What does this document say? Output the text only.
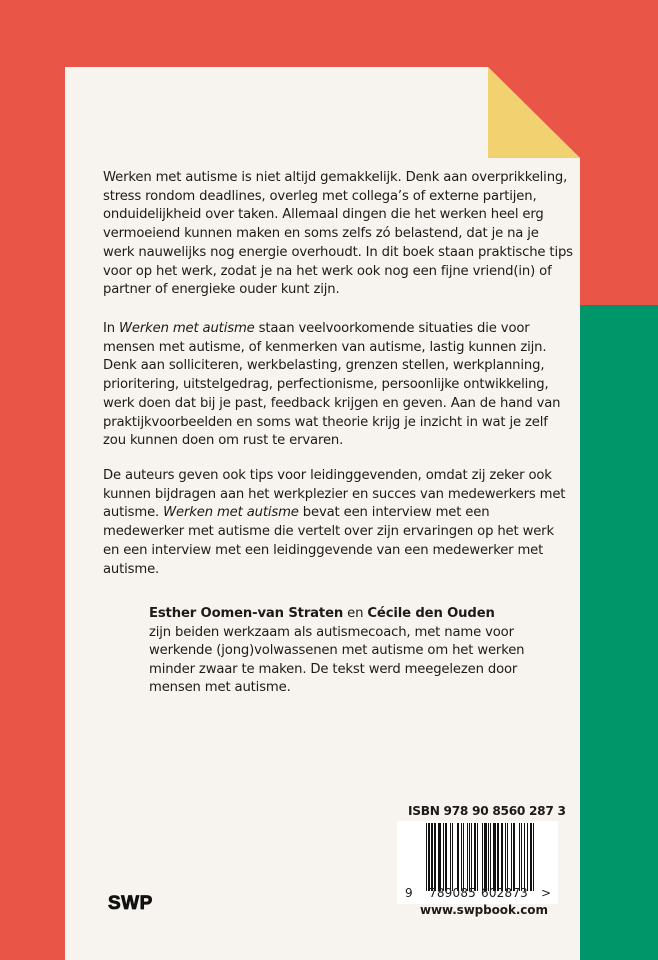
Werken met autisme is niet altijd gemakkelijk. Denk aan overprikkeling, stress rondom deadlines, overleg met collega’s of externe partijen, onduidelijkheid over taken. Allemaal dingen die het werken heel erg vermoeiend kunnen maken en soms zelfs zó belastend, dat je na je werk nauwelijks nog energie overhoudt. In dit boek staan praktische tips voor op het werk, zodat je na het werk ook nog een fijne vriend(in) of partner of energieke ouder kunt zijn.

In Werken met autisme staan veelvoorkomende situaties die voor mensen met autisme, of kenmerken van autisme, lastig kunnen zijn. Denk aan solliciteren, werkbelasting, grenzen stellen, werkplanning, prioritering, uitstelgedrag, perfectionisme, persoonlijke ontwikkeling, werk doen dat bij je past, feedback krijgen en geven. Aan de hand van praktijkvoorbeelden en soms wat theorie krijg je inzicht in wat je zelf zou kunnen doen om rust te ervaren.

De auteurs geven ook tips voor leidinggevenden, omdat zij zeker ook kunnen bijdragen aan het werkplezier en succes van medewerkers met autisme. Werken met autisme bevat een interview met een medewerker met autisme die vertelt over zijn ervaringen op het werk en een interview met een leidinggevende van een medewerker met autisme.

Esther Oomen-van Straten en Cécile den Ouden
zijn beiden werkzaam als autismecoach, met name voor werkende (jong)volwassenen met autisme om het werken minder zwaar te maken. De tekst werd meegelezen door mensen met autisme.
ISBN 978 90 8560 287 3
9 789085 602873 >
www.swpbook.com
SWP
